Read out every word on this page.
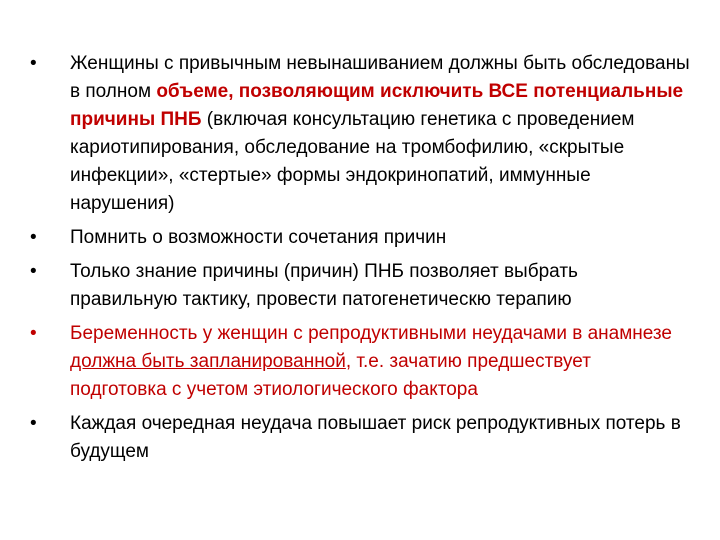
• Женщины с привычным невынашиванием должны быть обследованы в полном объеме, позволяющим исключить ВСЕ потенциальные причины ПНБ (включая консультацию генетика с проведением кариотипирования, обследование на тромбофилию, «скрытые инфекции», «стертые» формы эндокринопатий, иммунные нарушения)
• Помнить о возможности сочетания причин
• Только знание причины (причин) ПНБ позволяет выбрать правильную тактику, провести патогенетическю терапию
• Беременность у женщин с репродуктивными неудачами в анамнезе должна быть запланированной, т.е. зачатию предшествует подготовка с учетом этиологического фактора
• Каждая очередная неудача повышает риск репродуктивных потерь в будущем
